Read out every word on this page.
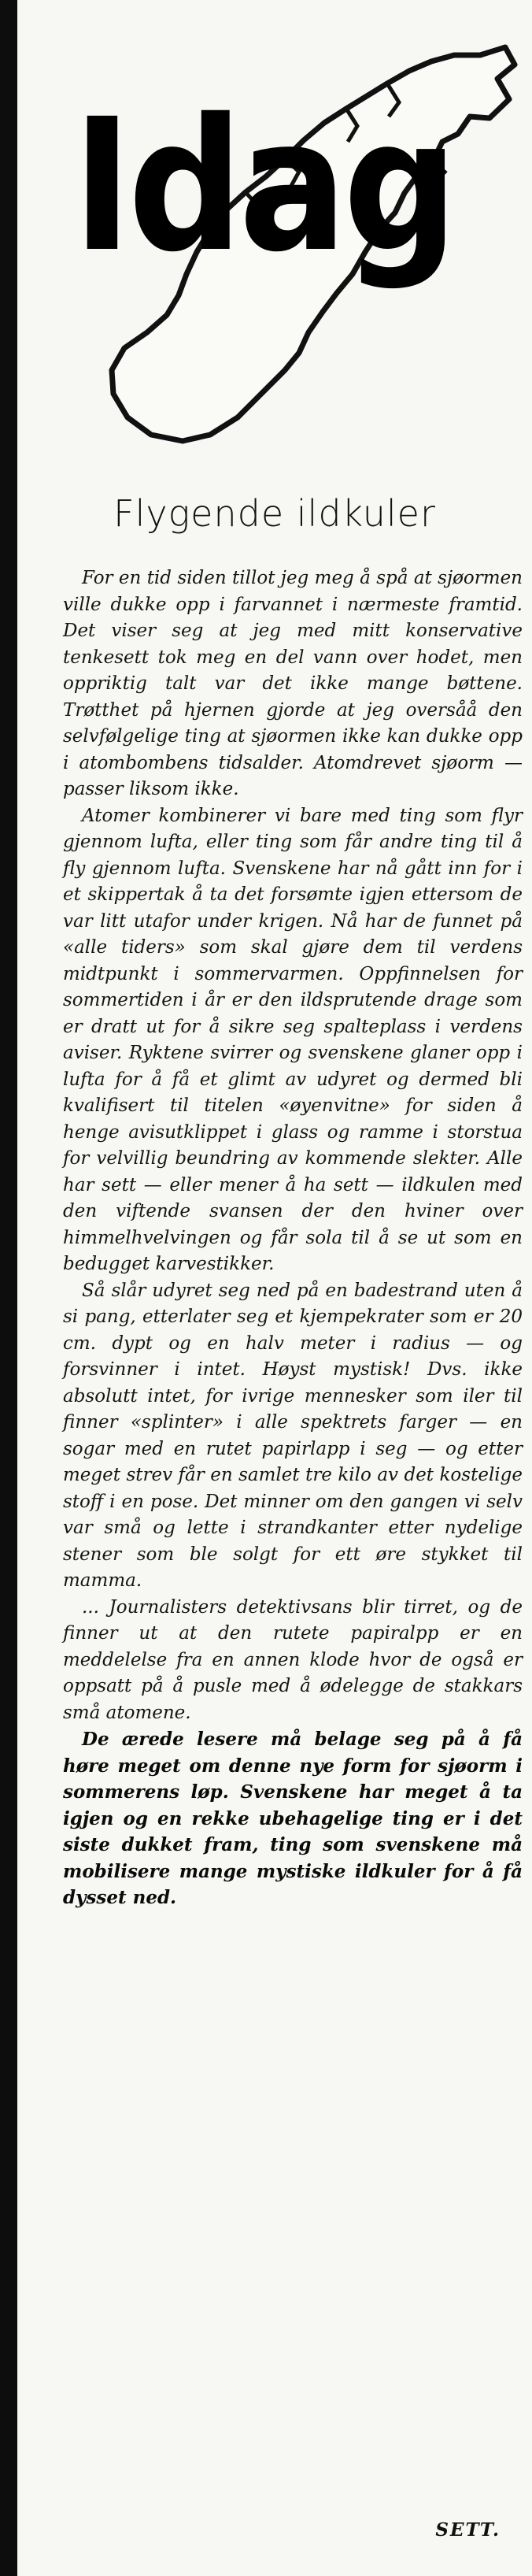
Idag
Flygende ildkuler

For en tid siden tillot jeg meg å spå at sjøormen ville dukke opp i farvannet i nærmeste framtid. Det viser seg at jeg med mitt konservative tenkesett tok meg en del vann over hodet, men oppriktig talt var det ikke mange bøttene. Trøtthet på hjernen gjorde at jeg oversåå den selvfølgelige ting at sjøormen ikke kan dukke opp i atombombens tidsalder. Atomdrevet sjøorm — passer liksom ikke.

Atomer kombinerer vi bare med ting som flyr gjennom lufta, eller ting som får andre ting til å fly gjennom lufta. Svenskene har nå gått inn for i et skippertak å ta det forsømte igjen ettersom de var litt utafor under krigen. Nå har de funnet på «alle tiders» som skal gjøre dem til verdens midtpunkt i sommervarmen. Oppfinnelsen for sommertiden i år er den ildsprutende drage som er dratt ut for å sikre seg spalteplass i verdens aviser. Ryktene svirrer og svenskene glaner opp i lufta for å få et glimt av udyret og dermed bli kvalifisert til titelen «øyenvitne» for siden å henge avisutklippet i glass og ramme i storstua for velvillig beundring av kommende slekter. Alle har sett — eller mener å ha sett — ildkulen med den viftende svansen der den hviner over himmelhvelvingen og får sola til å se ut som en bedugget karvestikker.

Så slår udyret seg ned på en badestrand uten å si pang, etterlater seg et kjempekrater som er 20 cm. dypt og en halv meter i radius — og forsvinner i intet. Høyst mystisk! Dvs. ikke absolutt intet, for ivrige mennesker som iler til finner «splinter» i alle spektrets farger — en sogar med en rutet papirlapp i seg — og etter meget strev får en samlet tre kilo av det kostelige stoff i en pose. Det minner om den gangen vi selv var små og lette i strandkanter etter nydelige stener som ble solgt for ett øre stykket til mamma.

... Journalisters detektivsans blir tirret, og de finner ut at den rutete papiralpp er en meddelelse fra en annen klode hvor de også er oppsatt på å pusle med å ødelegge de stakkars små atomene.

De ærede lesere må belage seg på å få høre meget om denne nye form for sjøorm i sommerens løp. Svenskene har meget å ta igjen og en rekke ubehagelige ting er i det siste dukket fram, ting som svenskene må mobilisere mange mystiske ildkuler for å få dysset ned.

SETT.
